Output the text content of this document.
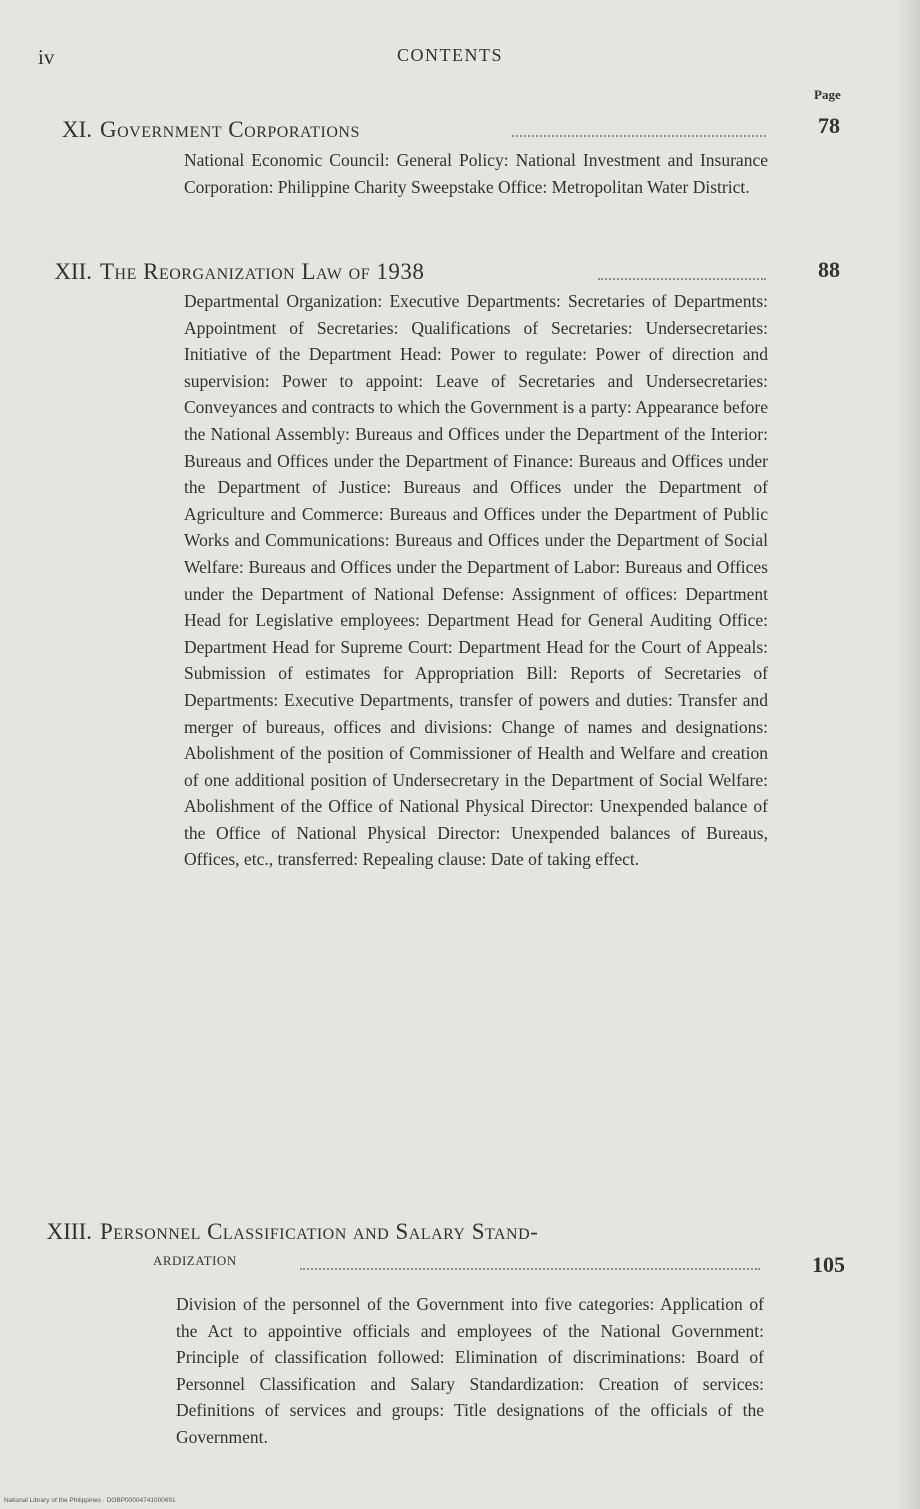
iv	CONTENTS
Page
XI. Government Corporations	78
National Economic Council: General Policy: National Investment and Insurance Corporation: Philippine Charity Sweepstake Office: Metropolitan Water District.
XII. The Reorganization Law of 1938	88
Departmental Organization: Executive Departments: Secretaries of Departments: Appointment of Secretaries: Qualifications of Secretaries: Undersecretaries: Initiative of the Department Head: Power to regulate: Power of direction and supervision: Power to appoint: Leave of Secretaries and Undersecretaries: Conveyances and contracts to which the Government is a party: Appearance before the National Assembly: Bureaus and Offices under the Department of the Interior: Bureaus and Offices under the Department of Finance: Bureaus and Offices under the Department of Justice: Bureaus and Offices under the Department of Agriculture and Commerce: Bureaus and Offices under the Department of Public Works and Communications: Bureaus and Offices under the Department of Social Welfare: Bureaus and Offices under the Department of Labor: Bureaus and Offices under the Department of National Defense: Assignment of offices: Department Head for Legislative employees: Department Head for General Auditing Office: Department Head for Supreme Court: Department Head for the Court of Appeals: Submission of estimates for Appropriation Bill: Reports of Secretaries of Departments: Executive Departments, transfer of powers and duties: Transfer and merger of bureaus, offices and divisions: Change of names and designations: Abolishment of the position of Commissioner of Health and Welfare and creation of one additional position of Undersecretary in the Department of Social Welfare: Abolishment of the Office of National Physical Director: Unexpended balance of the Office of National Physical Director: Unexpended balances of Bureaus, Offices, etc., transferred: Repealing clause: Date of taking effect.
XIII. Personnel Classification and Salary Stand-
ardization	105
Division of the personnel of the Government into five categories: Application of the Act to appointive officials and employees of the National Government: Principle of classification followed: Elimination of discriminations: Board of Personnel Classification and Salary Standardization: Creation of services: Definitions of services and groups: Title designations of the officials of the Government.
National Library of the Philippines · DOBP00004741000691
